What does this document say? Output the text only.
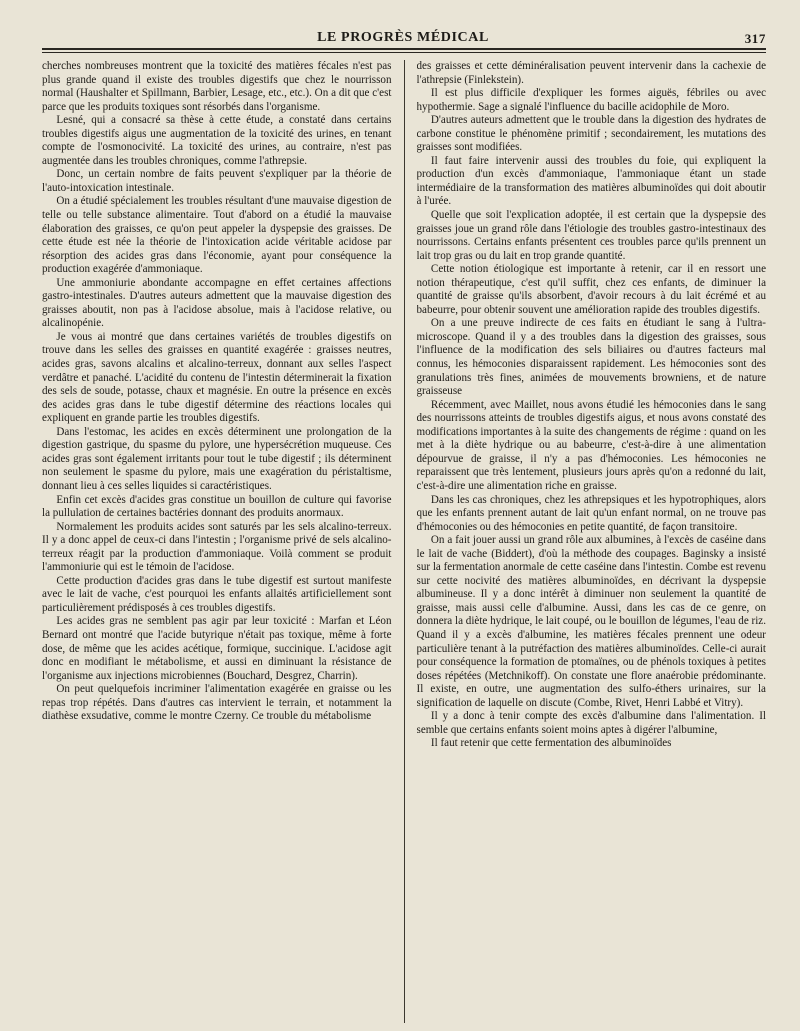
LE PROGRÈS MÉDICAL	317

cherches nombreuses montrent que la toxicité des matières fécales n'est pas plus grande quand il existe des troubles digestifs que chez le nourrisson normal (Haushalter et Spillmann, Barbier, Lesage, etc., etc.). On a dit que c'est parce que les produits toxiques sont résorbés dans l'organisme.

Lesné, qui a consacré sa thèse à cette étude, a constaté dans certains troubles digestifs aigus une augmentation de la toxicité des urines, en tenant compte de l'osmonocivité. La toxicité des urines, au contraire, n'est pas augmentée dans les troubles chroniques, comme l'athrepsie.

Donc, un certain nombre de faits peuvent s'expliquer par la théorie de l'auto-intoxication intestinale.

On a étudié spécialement les troubles résultant d'une mauvaise digestion de telle ou telle substance alimentaire. Tout d'abord on a étudié la mauvaise élaboration des graisses, ce qu'on peut appeler la dyspepsie des graisses. De cette étude est née la théorie de l'intoxication acide véritable acidose par résorption des acides gras dans l'économie, ayant pour conséquence la production exagérée d'ammoniaque.

Une ammoniurie abondante accompagne en effet certaines affections gastro-intestinales. D'autres auteurs admettent que la mauvaise digestion des graisses aboutit, non pas à l'acidose absolue, mais à l'acidose relative, ou alcalinopénie.

Je vous ai montré que dans certaines variétés de troubles digestifs on trouve dans les selles des graisses en quantité exagérée : graisses neutres, acides gras, savons alcalins et alcalino-terreux, donnant aux selles l'aspect verdâtre et panaché. L'acidité du contenu de l'intestin déterminerait la fixation des sels de soude, potasse, chaux et magnésie. En outre la présence en excès des acides gras dans le tube digestif détermine des réactions locales qui expliquent en grande partie les troubles digestifs.

Dans l'estomac, les acides en excès déterminent une prolongation de la digestion gastrique, du spasme du pylore, une hypersécrétion muqueuse. Ces acides gras sont également irritants pour tout le tube digestif ; ils déterminent non seulement le spasme du pylore, mais une exagération du péristaltisme, donnant lieu à ces selles liquides si caractéristiques.

Enfin cet excès d'acides gras constitue un bouillon de culture qui favorise la pullulation de certaines bactéries donnant des produits anormaux.

Normalement les produits acides sont saturés par les sels alcalino-terreux. Il y a donc appel de ceux-ci dans l'intestin ; l'organisme privé de sels alcalino-terreux réagit par la production d'ammoniaque. Voilà comment se produit l'ammoniurie qui est le témoin de l'acidose.

Cette production d'acides gras dans le tube digestif est surtout manifeste avec le lait de vache, c'est pourquoi les enfants allaités artificiellement sont particulièrement prédisposés à ces troubles digestifs.

Les acides gras ne semblent pas agir par leur toxicité : Marfan et Léon Bernard ont montré que l'acide butyrique n'était pas toxique, même à forte dose, de même que les acides acétique, formique, succinique. L'acidose agit donc en modifiant le métabolisme, et aussi en diminuant la résistance de l'organisme aux injections microbiennes (Bouchard, Desgrez, Charrin).

On peut quelquefois incriminer l'alimentation exagérée en graisse ou les repas trop répétés. Dans d'autres cas intervient le terrain, et notamment la diathèse exsudative, comme le montre Czerny. Ce trouble du métabolisme

des graisses et cette déminéralisation peuvent intervenir dans la cachexie de l'athrepsie (Finlekstein).

Il est plus difficile d'expliquer les formes aiguës, fébriles ou avec hypothermie. Sage a signalé l'influence du bacille acidophile de Moro.

D'autres auteurs admettent que le trouble dans la digestion des hydrates de carbone constitue le phénomène primitif ; secondairement, les mutations des graisses sont modifiées.

Il faut faire intervenir aussi des troubles du foie, qui expliquent la production d'un excès d'ammoniaque, l'ammoniaque étant un stade intermédiaire de la transformation des matières albuminoïdes qui doit aboutir à l'urée.

Quelle que soit l'explication adoptée, il est certain que la dyspepsie des graisses joue un grand rôle dans l'étiologie des troubles gastro-intestinaux des nourrissons. Certains enfants présentent ces troubles parce qu'ils prennent un lait trop gras ou du lait en trop grande quantité.

Cette notion étiologique est importante à retenir, car il en ressort une notion thérapeutique, c'est qu'il suffit, chez ces enfants, de diminuer la quantité de graisse qu'ils absorbent, d'avoir recours à du lait écrémé et au babeurre, pour obtenir souvent une amélioration rapide des troubles digestifs.

On a une preuve indirecte de ces faits en étudiant le sang à l'ultra-microscope. Quand il y a des troubles dans la digestion des graisses, sous l'influence de la modification des sels biliaires ou d'autres facteurs mal connus, les hémoconies disparaissent rapidement. Les hémoconies sont des granulations très fines, animées de mouvements browniens, et de nature graisseuse

Récemment, avec Maillet, nous avons étudié les hémoconies dans le sang des nourrissons atteints de troubles digestifs aigus, et nous avons constaté des modifications importantes à la suite des changements de régime : quand on les met à la diète hydrique ou au babeurre, c'est-à-dire à une alimentation dépourvue de graisse, il n'y a pas d'hémoconies. Les hémoconies ne reparaissent que très lentement, plusieurs jours après qu'on a redonné du lait, c'est-à-dire une alimentation riche en graisse.

Dans les cas chroniques, chez les athrepsiques et les hypotrophiques, alors que les enfants prennent autant de lait qu'un enfant normal, on ne trouve pas d'hémoconies ou des hémoconies en petite quantité, de façon transitoire.

On a fait jouer aussi un grand rôle aux albumines, à l'excès de caséine dans le lait de vache (Biddert), d'où la méthode des coupages. Baginsky a insisté sur la fermentation anormale de cette caséine dans l'intestin. Combe est revenu sur cette nocivité des matières albuminoïdes, en décrivant la dyspepsie albumineuse. Il y a donc intérêt à diminuer non seulement la quantité de graisse, mais aussi celle d'albumine. Aussi, dans les cas de ce genre, on donnera la diète hydrique, le lait coupé, ou le bouillon de légumes, l'eau de riz. Quand il y a excès d'albumine, les matières fécales prennent une odeur particulière tenant à la putréfaction des matières albuminoïdes. Celle-ci aurait pour conséquence la formation de ptomaïnes, ou de phénols toxiques à petites doses répétées (Metchnikoff). On constate une flore anaérobie prédominante. Il existe, en outre, une augmentation des sulfo-éthers urinaires, sur la signification de laquelle on discute (Combe, Rivet, Henri Labbé et Vitry).

Il y a donc à tenir compte des excès d'albumine dans l'alimentation. Il semble que certains enfants soient moins aptes à digérer l'albumine,

Il faut retenir que cette fermentation des albuminoïdes
